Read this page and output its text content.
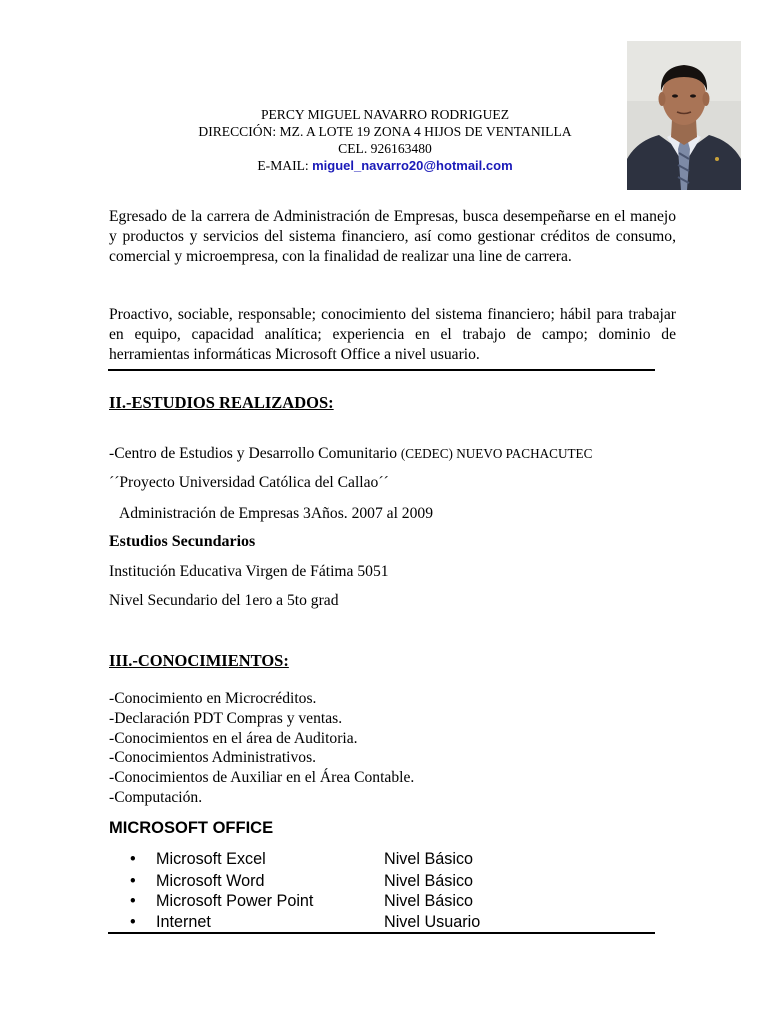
PERCY MIGUEL NAVARRO RODRIGUEZ
DIRECCIÓN: MZ. A LOTE 19 ZONA 4 HIJOS DE VENTANILLA
CEL. 926163480
E-MAIL: miguel_navarro20@hotmail.com
Egresado de la carrera de Administración de Empresas, busca desempeñarse en el manejo y productos y servicios del sistema financiero, así como gestionar créditos de consumo, comercial y microempresa, con la finalidad de realizar una line de carrera.
Proactivo, sociable, responsable; conocimiento del sistema financiero; hábil para trabajar en equipo, capacidad analítica; experiencia en el trabajo de campo; dominio de herramientas informáticas Microsoft Office a nivel usuario.
II.-ESTUDIOS REALIZADOS:
-Centro de Estudios y Desarrollo Comunitario (CEDEC) NUEVO PACHACUTEC
´´Proyecto Universidad Católica del Callao´´
Administración de Empresas 3Años. 2007 al 2009
Estudios Secundarios
Institución Educativa Virgen de Fátima 5051
Nivel Secundario del 1ero a 5to grad
III.-CONOCIMIENTOS:
-Conocimiento en Microcréditos.
-Declaración PDT Compras y ventas.
-Conocimientos en el área de Auditoria.
-Conocimientos Administrativos.
-Conocimientos de Auxiliar en el Área Contable.
-Computación.
MICROSOFT OFFICE
• Microsoft Excel	Nivel Básico
• Microsoft Word	Nivel Básico
• Microsoft Power Point	Nivel Básico
• Internet	Nivel Usuario
